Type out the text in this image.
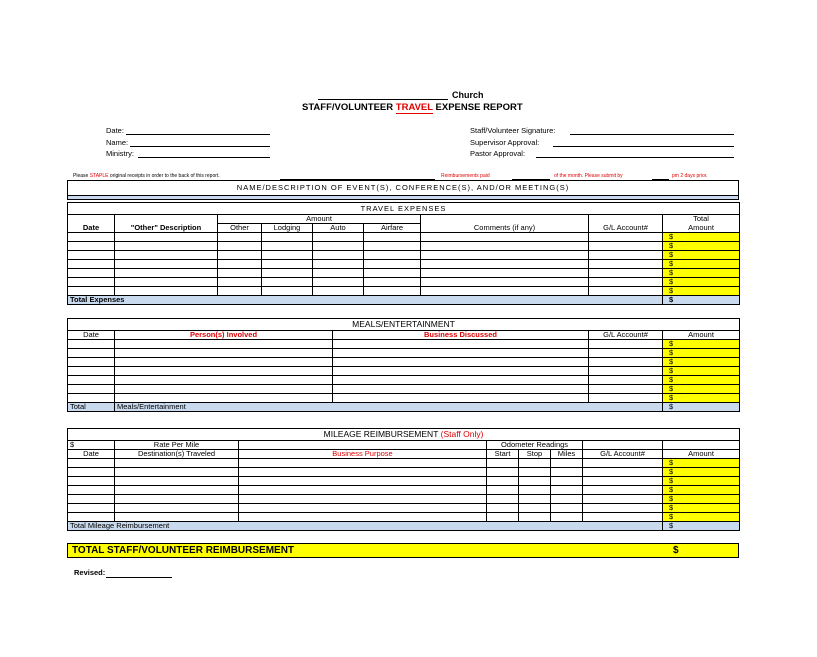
Church
STAFF/VOLUNTEER TRAVEL EXPENSE REPORT
Date:
Name:
Ministry:
Staff/Volunteer Signature:
Supervisor Approval:
Pastor Approval:
Please STAPLE original receipts in order to the back of this report.	Reimbursements paid	of the month. Please submit by	pm 2 days prior.
NAME/DESCRIPTION OF EVENT(S), CONFERENCE(S), AND/OR MEETING(S)

TRAVEL EXPENSES								
		Amount						Total
Date	"Other" Description	Other	Lodging	Auto	Airfare	Comments (if any)	G/L Account#	Amount
								$
								$
								$
								$
								$
								$
								$
Total Expenses								$
MEALS/ENTERTAINMENT				
Date	Person(s) Involved	Business Discussed	G/L Account#	Amount
				$
				$
				$
				$
				$
				$
				$
Total	Meals/Entertainment			$
MILEAGE REIMBURSEMENT (Staff Only)							
$	Rate Per Mile		Odometer Readings				
Date	Destination(s) Traveled	Business Purpose	Start	Stop	Miles	G/L Account#	Amount
							$
							$
							$
							$
							$
							$
							$
Total Mileage Reimbursement							$
TOTAL STAFF/VOLUNTEER REIMBURSEMENT	$
Revised:
